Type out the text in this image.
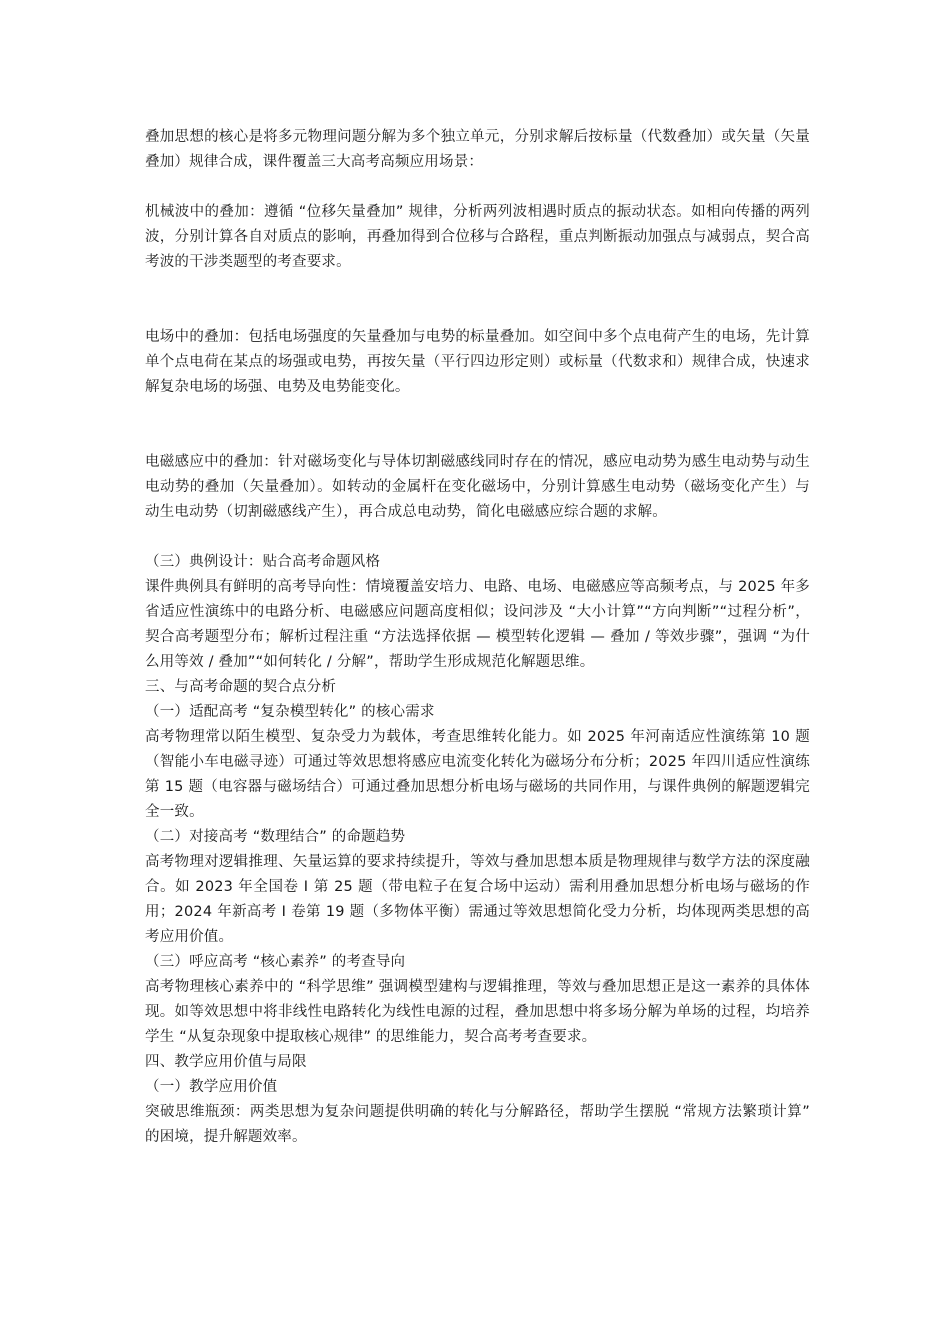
叠加思想的核心是将多元物理问题分解为多个独立单元，分别求解后按标量（代数叠加）或矢量（矢量叠加）规律合成，课件覆盖三大高考高频应用场景：

机械波中的叠加：遵循 “位移矢量叠加” 规律，分析两列波相遇时质点的振动状态。如相向传播的两列波，分别计算各自对质点的影响，再叠加得到合位移与合路程，重点判断振动加强点与减弱点，契合高考波的干涉类题型的考查要求。

电场中的叠加：包括电场强度的矢量叠加与电势的标量叠加。如空间中多个点电荷产生的电场，先计算单个点电荷在某点的场强或电势，再按矢量（平行四边形定则）或标量（代数求和）规律合成，快速求解复杂电场的场强、电势及电势能变化。

电磁感应中的叠加：针对磁场变化与导体切割磁感线同时存在的情况，感应电动势为感生电动势与动生电动势的叠加（矢量叠加）。如转动的金属杆在变化磁场中，分别计算感生电动势（磁场变化产生）与动生电动势（切割磁感线产生），再合成总电动势，简化电磁感应综合题的求解。

（三）典例设计：贴合高考命题风格

课件典例具有鲜明的高考导向性：情境覆盖安培力、电路、电场、电磁感应等高频考点，与 2025 年多省适应性演练中的电路分析、电磁感应问题高度相似；设问涉及 “大小计算”“方向判断”“过程分析”，契合高考题型分布；解析过程注重 “方法选择依据 — 模型转化逻辑 — 叠加 / 等效步骤”，强调 “为什么用等效 / 叠加”“如何转化 / 分解”，帮助学生形成规范化解题思维。

三、与高考命题的契合点分析

（一）适配高考 “复杂模型转化” 的核心需求

高考物理常以陌生模型、复杂受力为载体，考查思维转化能力。如 2025 年河南适应性演练第 10 题（智能小车电磁寻迹）可通过等效思想将感应电流变化转化为磁场分布分析；2025 年四川适应性演练第 15 题（电容器与磁场结合）可通过叠加思想分析电场与磁场的共同作用，与课件典例的解题逻辑完全一致。

（二）对接高考 “数理结合” 的命题趋势

高考物理对逻辑推理、矢量运算的要求持续提升，等效与叠加思想本质是物理规律与数学方法的深度融合。如 2023 年全国卷 Ⅰ 第 25 题（带电粒子在复合场中运动）需利用叠加思想分析电场与磁场的作用；2024 年新高考 Ⅰ 卷第 19 题（多物体平衡）需通过等效思想简化受力分析，均体现两类思想的高考应用价值。

（三）呼应高考 “核心素养” 的考查导向

高考物理核心素养中的 “科学思维” 强调模型建构与逻辑推理，等效与叠加思想正是这一素养的具体体现。如等效思想中将非线性电路转化为线性电源的过程，叠加思想中将多场分解为单场的过程，均培养学生 “从复杂现象中提取核心规律” 的思维能力，契合高考考查要求。

四、教学应用价值与局限

（一）教学应用价值

突破思维瓶颈：两类思想为复杂问题提供明确的转化与分解路径，帮助学生摆脱 “常规方法繁琐计算” 的困境，提升解题效率。
